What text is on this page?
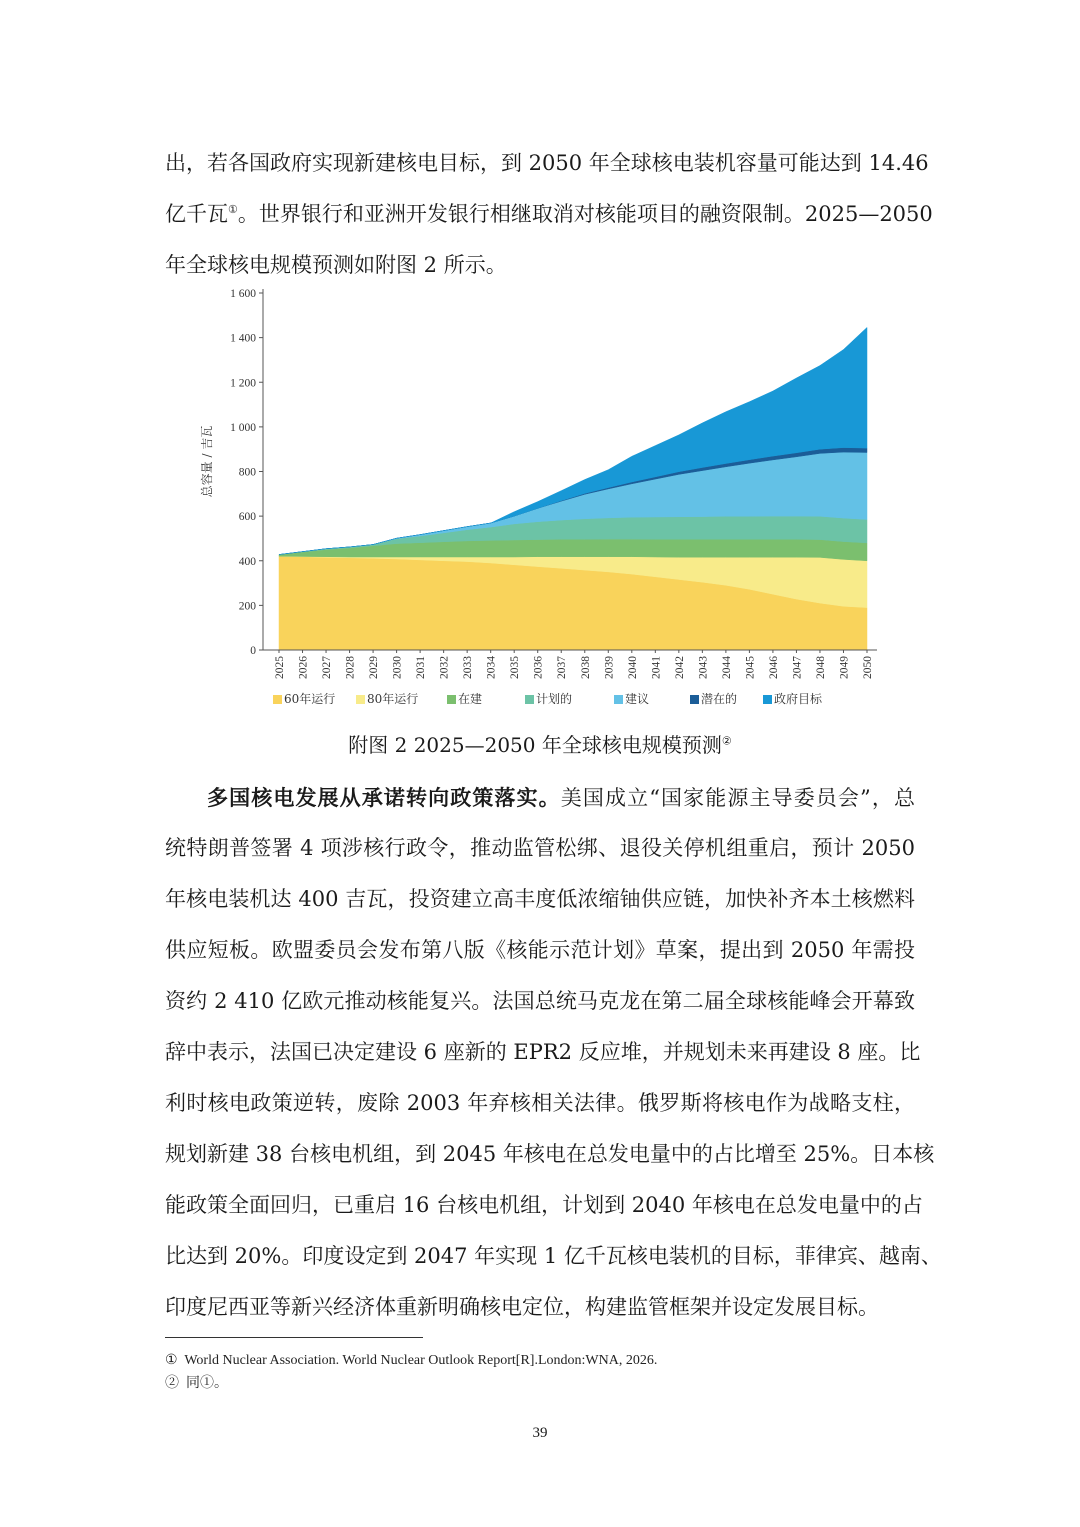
出，若各国政府实现新建核电目标，到 2050 年全球核电装机容量可能达到 14.46
亿千瓦①。世界银行和亚洲开发银行相继取消对核能项目的融资限制。2025—2050
年全球核电规模预测如附图 2 所示。
0
200
400
600
800
1 000
1 200
1 400
1 600
2025 2026 2027 2028 2029 2030 2031 2032 2033 2034 2035 2036 2037 2038 2039 2040 2041 2042 2043 2044 2045 2046 2047 2048 2049 2050
总容量 / 吉瓦
60年运行	80年运行	在建	计划的	建议	潜在的	政府目标
附图 2 2025—2050 年全球核电规模预测②
多国核电发展从承诺转向政策落实。美国成立“国家能源主导委员会”，总
统特朗普签署 4 项涉核行政令，推动监管松绑、退役关停机组重启，预计 2050
年核电装机达 400 吉瓦，投资建立高丰度低浓缩铀供应链，加快补齐本土核燃料
供应短板。欧盟委员会发布第八版《核能示范计划》草案，提出到 2050 年需投
资约 2 410 亿欧元推动核能复兴。法国总统马克龙在第二届全球核能峰会开幕致
辞中表示，法国已决定建设 6 座新的 EPR2 反应堆，并规划未来再建设 8 座。比
利时核电政策逆转，废除 2003 年弃核相关法律。俄罗斯将核电作为战略支柱，
规划新建 38 台核电机组，到 2045 年核电在总发电量中的占比增至 25%。日本核
能政策全面回归，已重启 16 台核电机组，计划到 2040 年核电在总发电量中的占
比达到 20%。印度设定到 2047 年实现 1 亿千瓦核电装机的目标，菲律宾、越南、
印度尼西亚等新兴经济体重新明确核电定位，构建监管框架并设定发展目标。
① World Nuclear Association. World Nuclear Outlook Report[R].London:WNA, 2026.
② 同①。
39
